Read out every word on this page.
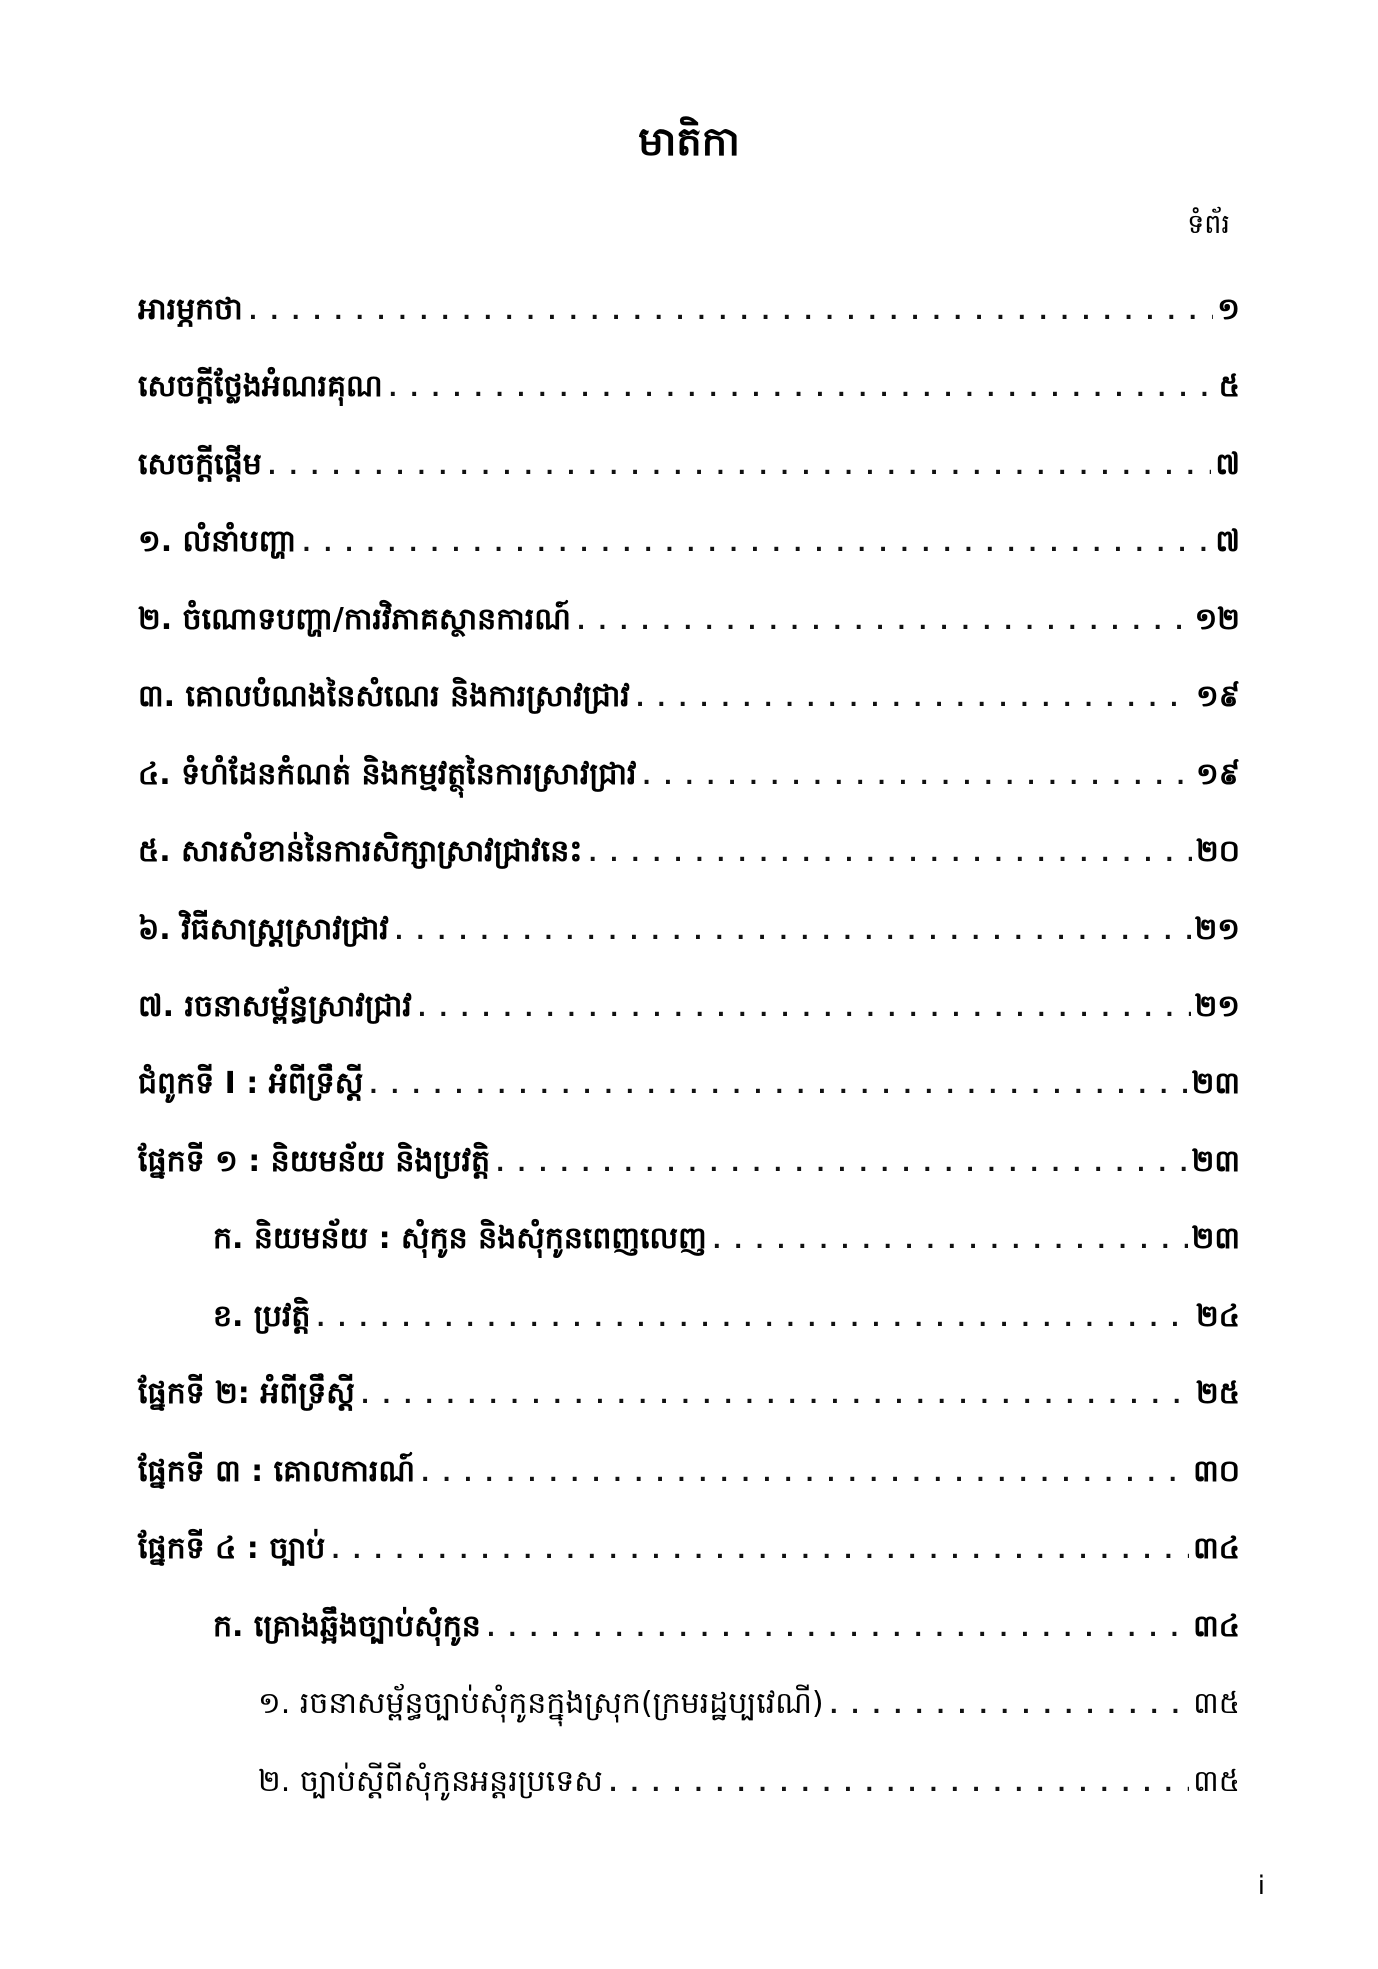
មាតិកា
ទំព័រ
អារម្ភកថា .....	១
សេចក្តីថ្លែងអំណរគុណ .....	៥
សេចក្តីផ្តើម .....	៧
១. លំនាំបញ្ហា .....	៧
២. ចំណោទបញ្ហា/ការវិភាគស្ថានការណ៍ .....	១២
៣. គោលបំណងនៃសំណេរ និងការស្រាវជ្រាវ .....	១៩
៤. ទំហំដែនកំណត់ និងកម្មវត្ថុនៃការស្រាវជ្រាវ .....	១៩
៥. សារសំខាន់នៃការសិក្សាស្រាវជ្រាវនេះ .....	២០
៦. វិធីសាស្រ្តស្រាវជ្រាវ .....	២១
៧. រចនាសម្ព័ន្ធស្រាវជ្រាវ .....	២១
ជំពូកទី I : អំពីទ្រឹស្តី .....	២៣
ផ្នែកទី ១ : និយមន័យ និងប្រវត្តិ .....	២៣
ក. និយមន័យ : សុំកូន និងសុំកូនពេញលេញ .....	២៣
ខ. ប្រវត្តិ .....	២៤
ផ្នែកទី ២: អំពីទ្រឹស្តី .....	២៥
ផ្នែកទី ៣ : គោលការណ៍ .....	៣០
ផ្នែកទី ៤ : ច្បាប់ .....	៣៤
ក. គ្រោងឆ្អឹងច្បាប់សុំកូន .....	៣៤
១. រចនាសម្ព័ន្ធច្បាប់សុំកូនក្នុងស្រុក(ក្រមរដ្ឋប្បវេណី) .....	៣៥
២. ច្បាប់ស្តីពីសុំកូនអន្តរប្រទេស .....	៣៥
i
